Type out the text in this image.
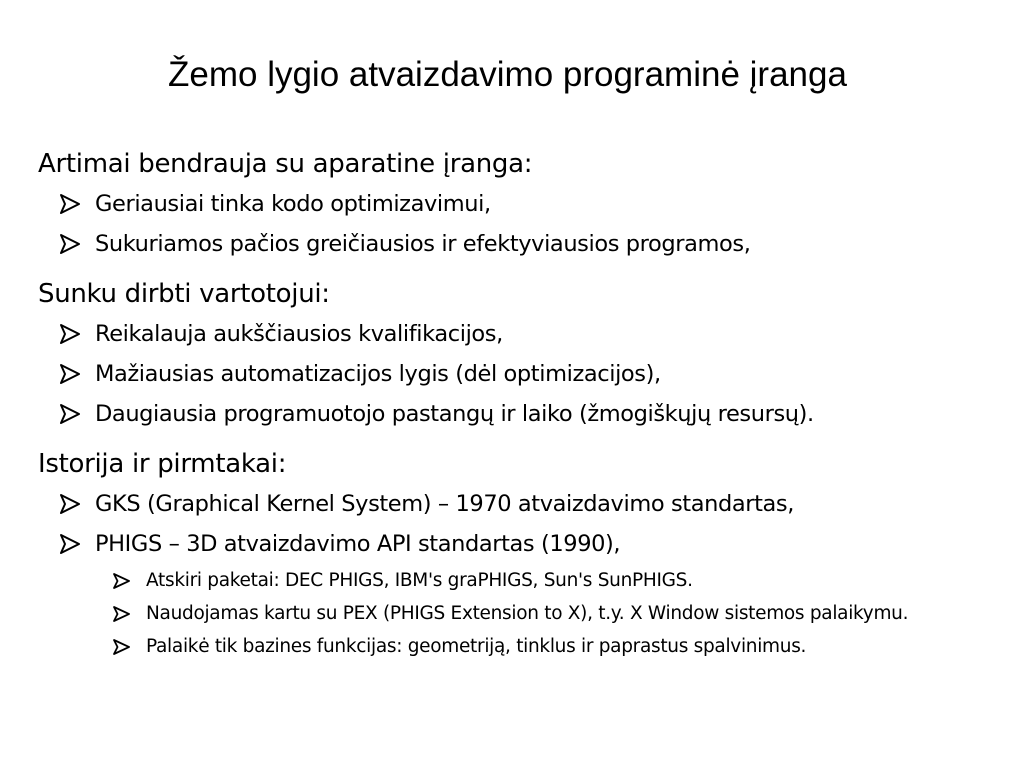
Žemo lygio atvaizdavimo programinė įranga
Artimai bendrauja su aparatine įranga:
Geriausiai tinka kodo optimizavimui,
Sukuriamos pačios greičiausios ir efektyviausios programos,
Sunku dirbti vartotojui:
Reikalauja aukščiausios kvalifikacijos,
Mažiausias automatizacijos lygis (dėl optimizacijos),
Daugiausia programuotojo pastangų ir laiko (žmogiškųjų resursų).
Istorija ir pirmtakai:
GKS (Graphical Kernel System) – 1970 atvaizdavimo standartas,
PHIGS – 3D atvaizdavimo API standartas (1990),
Atskiri paketai: DEC PHIGS, IBM's graPHIGS, Sun's SunPHIGS.
Naudojamas kartu su PEX (PHIGS Extension to X), t.y. X Window sistemos palaikymu.
Palaikė tik bazines funkcijas: geometriją, tinklus ir paprastus spalvinimus.
